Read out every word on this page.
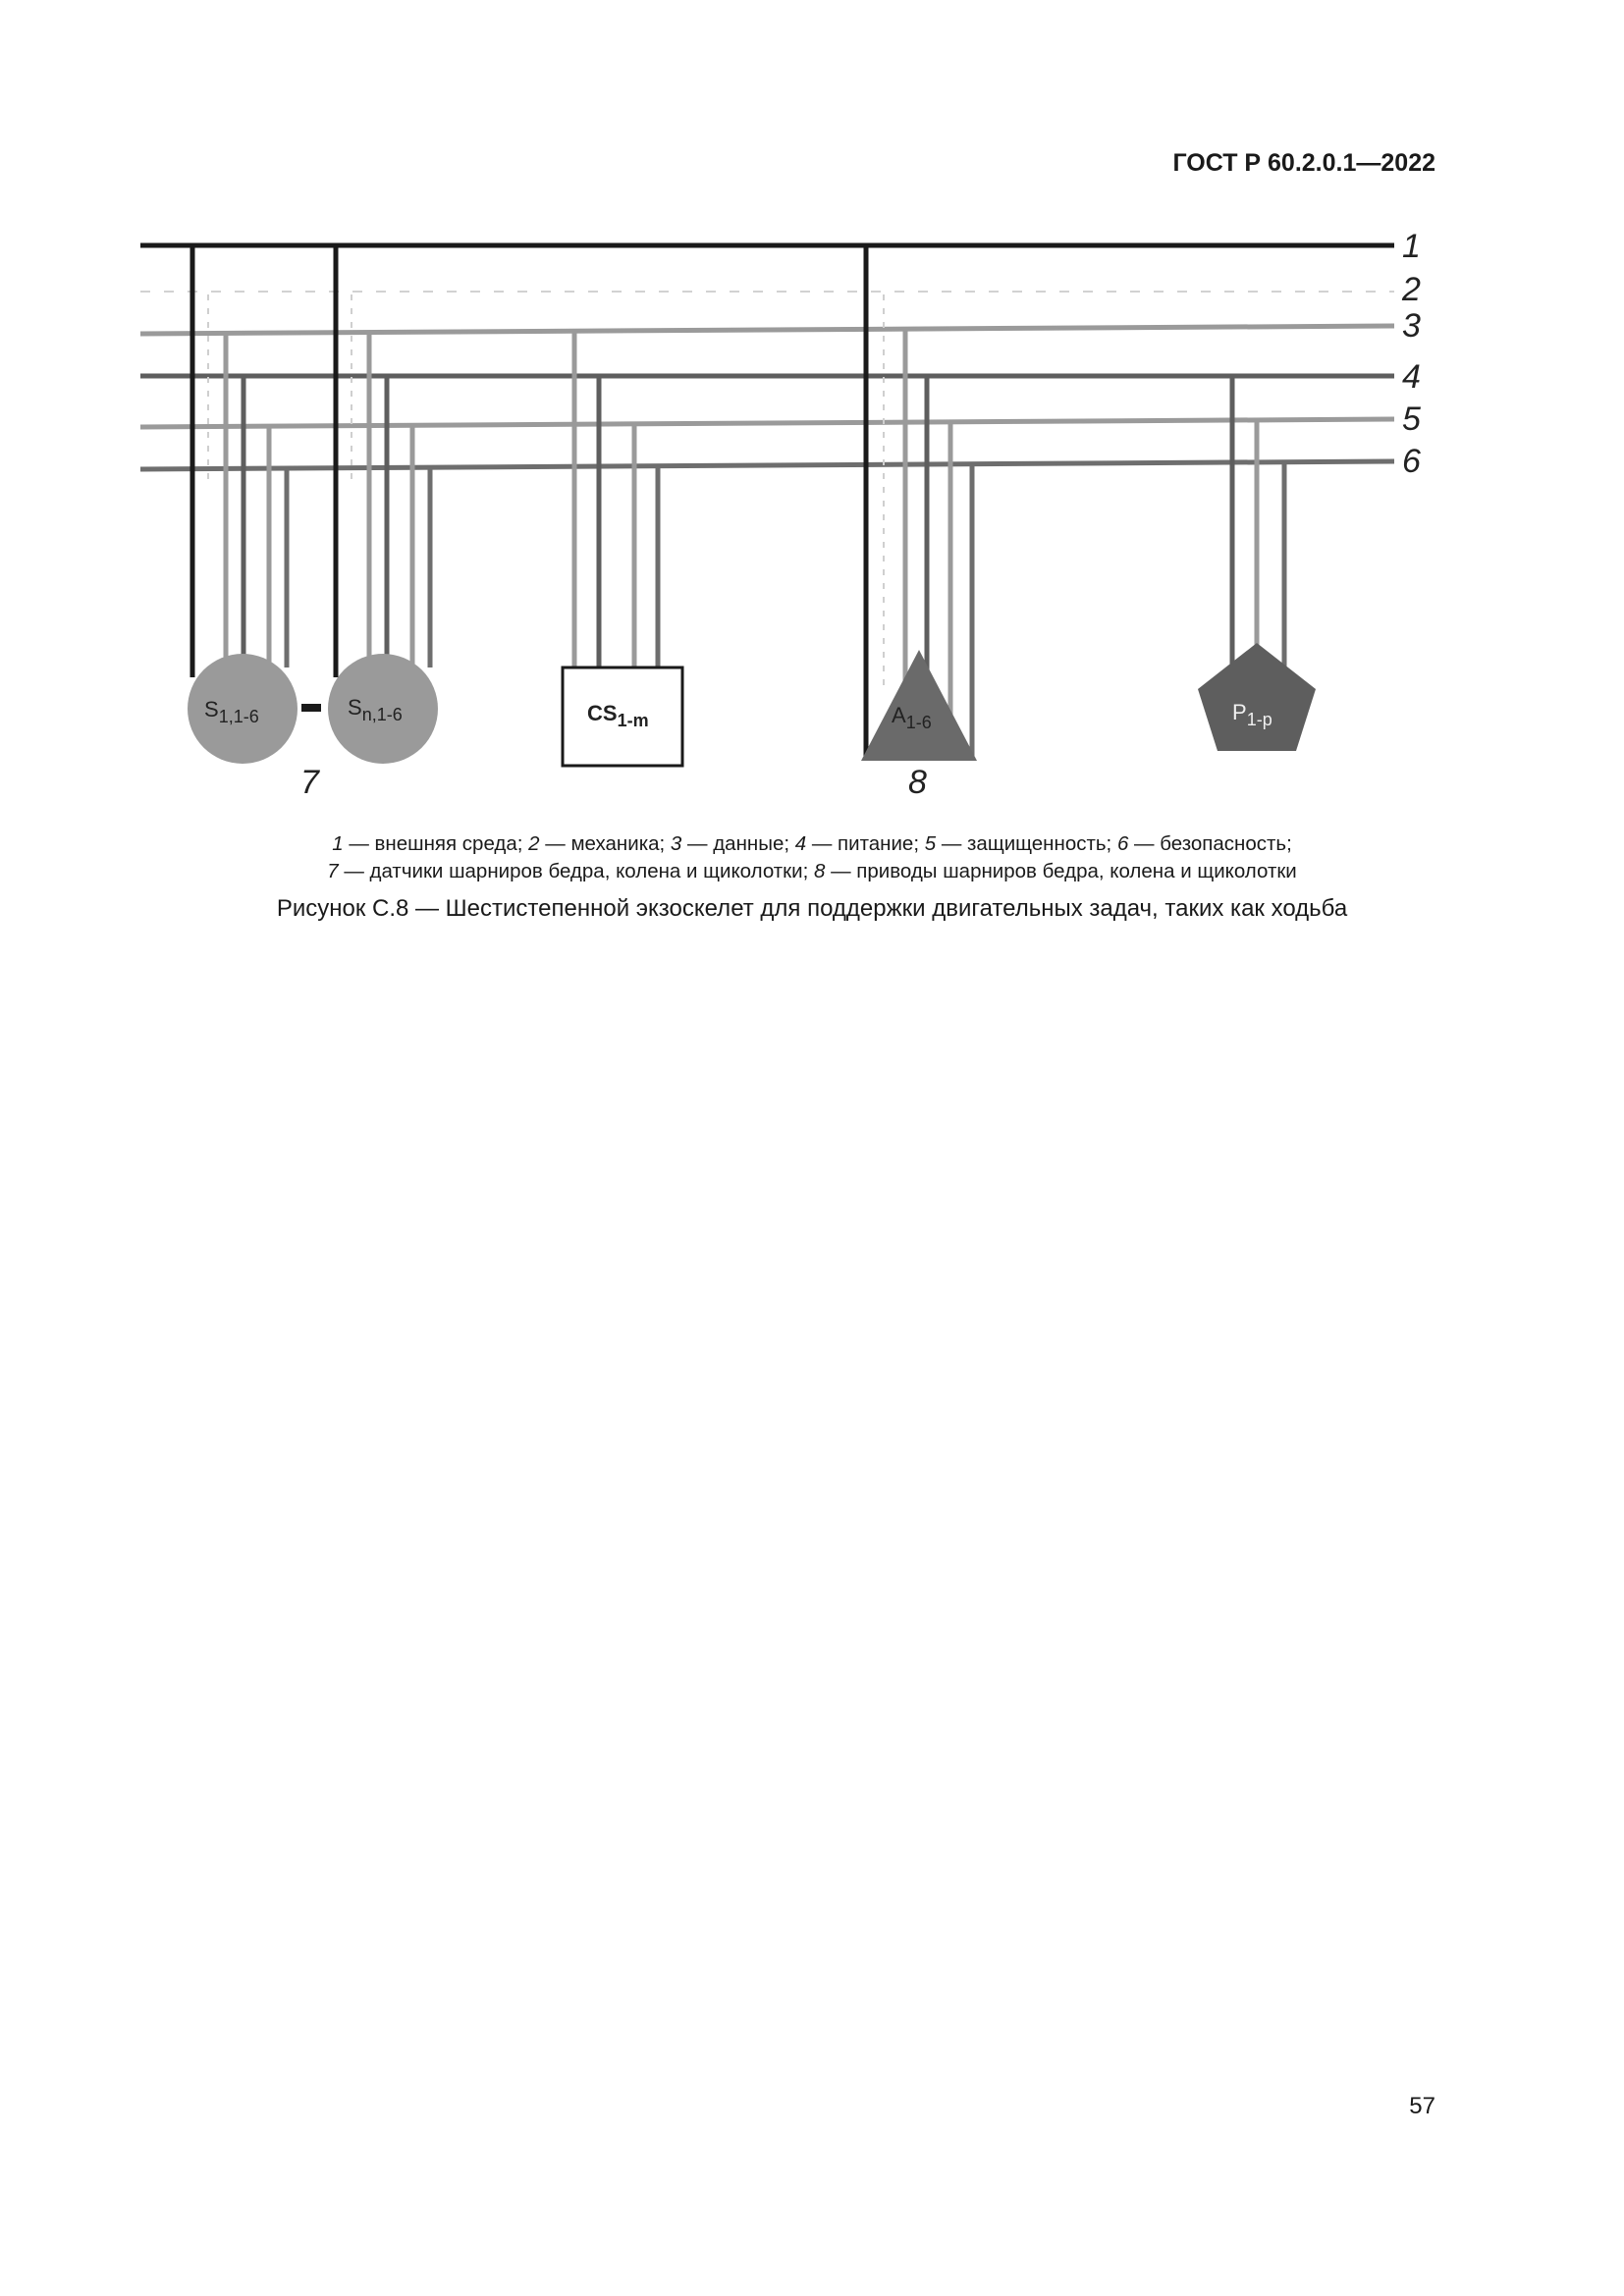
ГОСТ Р 60.2.0.1—2022
$S_{1,1-6}$	$S_{n,1-6}$	$CS_{1-m}$	$A_{1-6}$	$P_{1-p}$
1
2
3
4
5
6
7	8
1 — внешняя среда; 2 — механика; 3 — данные; 4 — питание; 5 — защищенность; 6 — безопасность;
7 — датчики шарниров бедра, колена и щиколотки; 8 — приводы шарниров бедра, колена и щиколотки
Рисунок C.8 — Шестистепенной экзоскелет для поддержки двигательных задач, таких как ходьба
57
